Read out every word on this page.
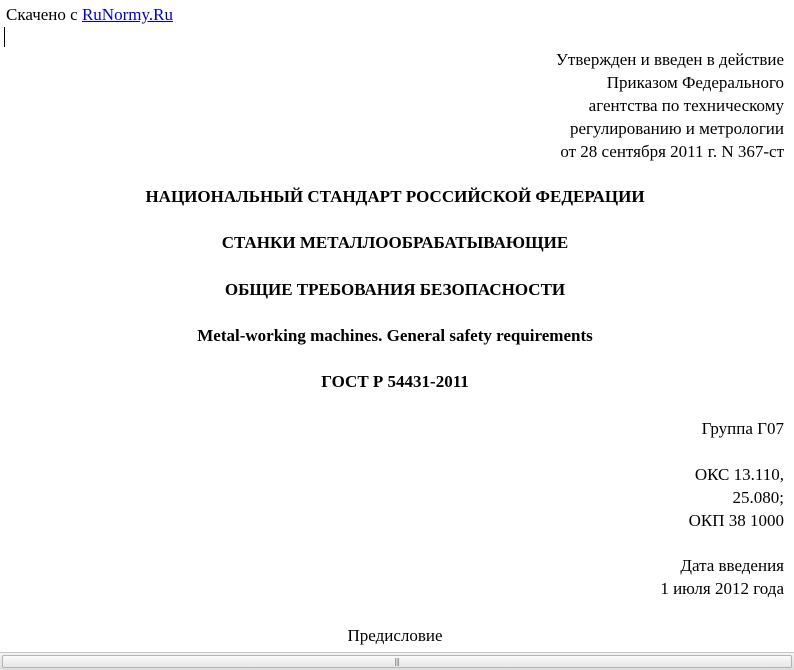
Скачено с RuNormy.Ru
Утвержден и введен в действие
Приказом Федерального
агентства по техническому
регулированию и метрологии
от 28 сентября 2011 г. N 367-ст
НАЦИОНАЛЬНЫЙ СТАНДАРТ РОССИЙСКОЙ ФЕДЕРАЦИИ
СТАНКИ МЕТАЛЛООБРАБАТЫВАЮЩИЕ
ОБЩИЕ ТРЕБОВАНИЯ БЕЗОПАСНОСТИ
Metal-working machines. General safety requirements
ГОСТ Р 54431-2011
Группа Г07
ОКС 13.110,
25.080;
ОКП 38 1000
Дата введения
1 июля 2012 года
Предисловие
|||
